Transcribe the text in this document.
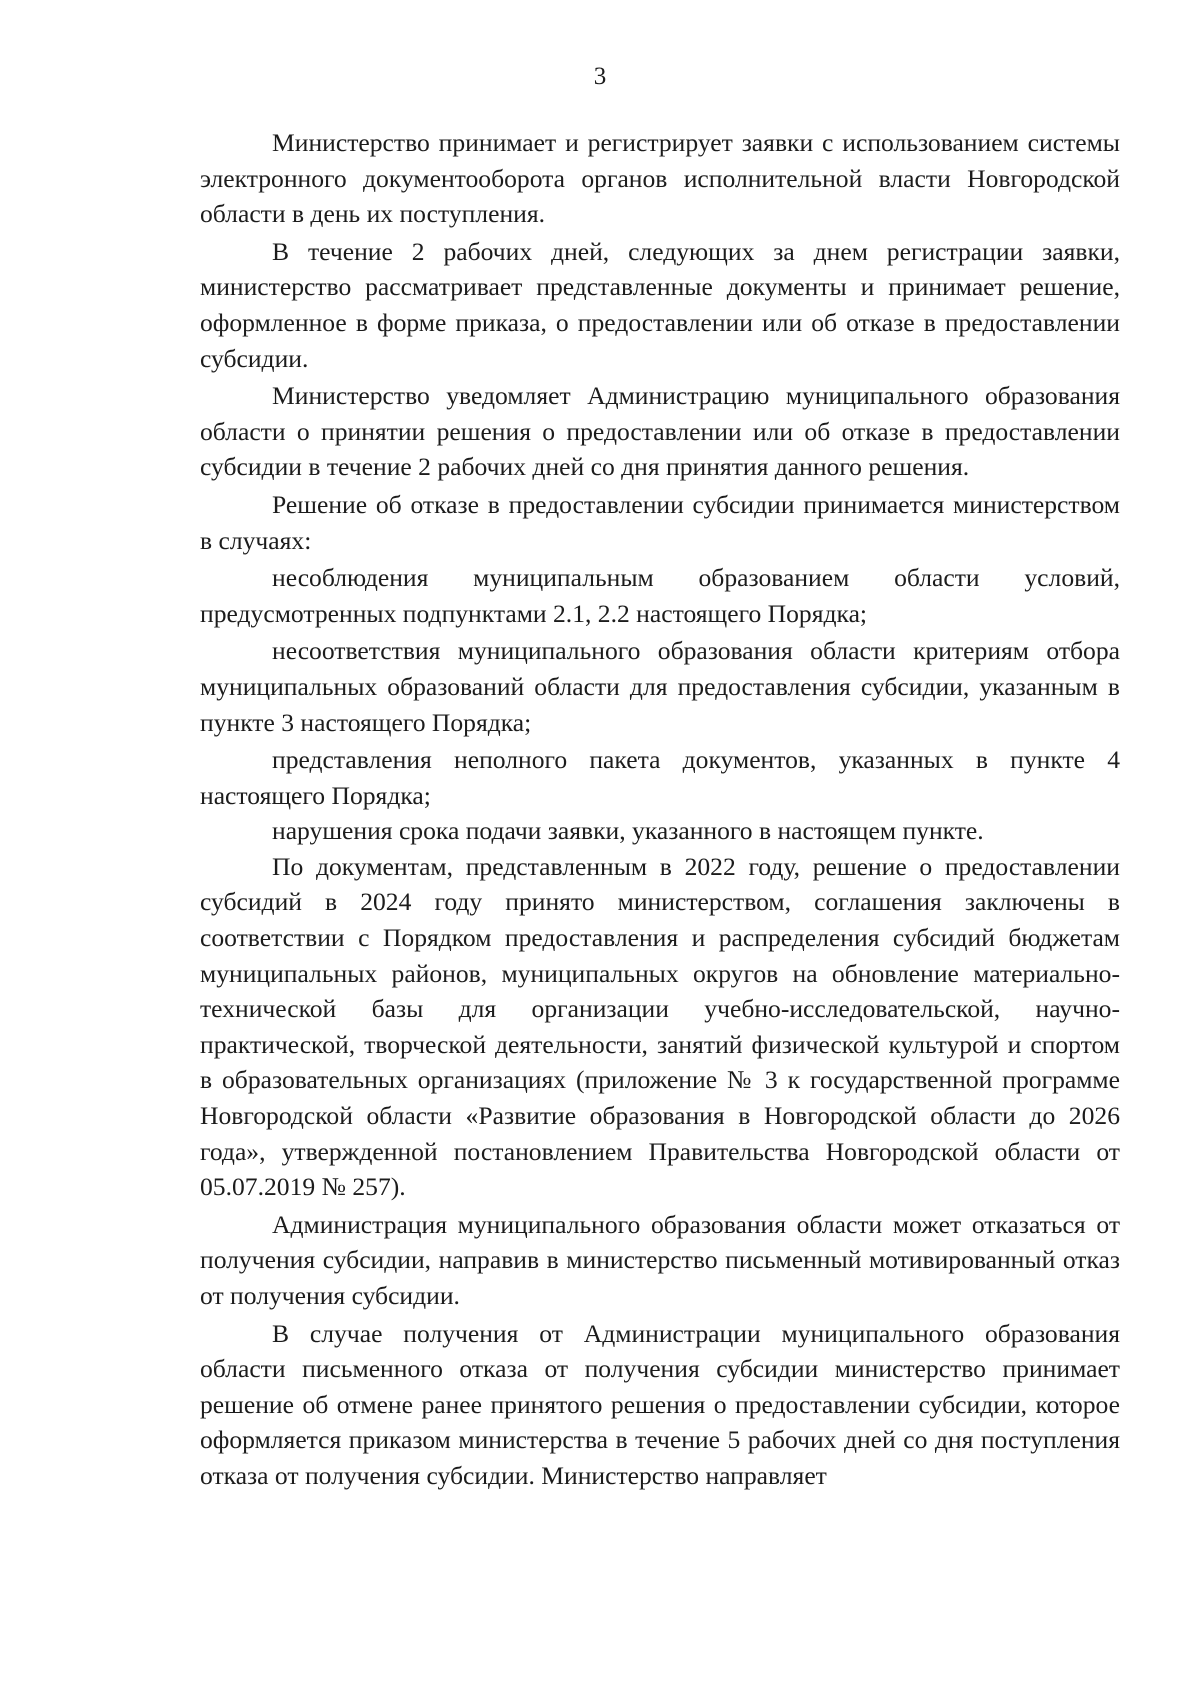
3

Министерство принимает и регистрирует заявки с использованием системы электронного документооборота органов исполнительной власти Новгородской области в день их поступления.

В течение 2 рабочих дней, следующих за днем регистрации заявки, министерство рассматривает представленные документы и принимает решение, оформленное в форме приказа, о предоставлении или об отказе в предоставлении субсидии.

Министерство уведомляет Администрацию муниципального образования области о принятии решения о предоставлении или об отказе в предоставлении субсидии в течение 2 рабочих дней со дня принятия данного решения.

Решение об отказе в предоставлении субсидии принимается министерством в случаях:

несоблюдения муниципальным образованием области условий, предусмотренных подпунктами 2.1, 2.2 настоящего Порядка;

несоответствия муниципального образования области критериям отбора муниципальных образований области для предоставления субсидии, указанным в пункте 3 настоящего Порядка;

представления неполного пакета документов, указанных в пункте 4 настоящего Порядка;

нарушения срока подачи заявки, указанного в настоящем пункте.

По документам, представленным в 2022 году, решение о предоставлении субсидий в 2024 году принято министерством, соглашения заключены в соответствии с Порядком предоставления и распределения субсидий бюджетам муниципальных районов, муниципальных округов на обновление материально-технической базы для организации учебно-исследовательской, научно-практической, творческой деятельности, занятий физической культурой и спортом в образовательных организациях (приложение № 3 к государственной программе Новгородской области «Развитие образования в Новгородской области до 2026 года», утвержденной постановлением Правительства Новгородской области от 05.07.2019 № 257).

Администрация муниципального образования области может отказаться от получения субсидии, направив в министерство письменный мотивированный отказ от получения субсидии.

В случае получения от Администрации муниципального образования области письменного отказа от получения субсидии министерство принимает решение об отмене ранее принятого решения о предоставлении субсидии, которое оформляется приказом министерства в течение 5 рабочих дней со дня поступления отказа от получения субсидии. Министерство направляет
